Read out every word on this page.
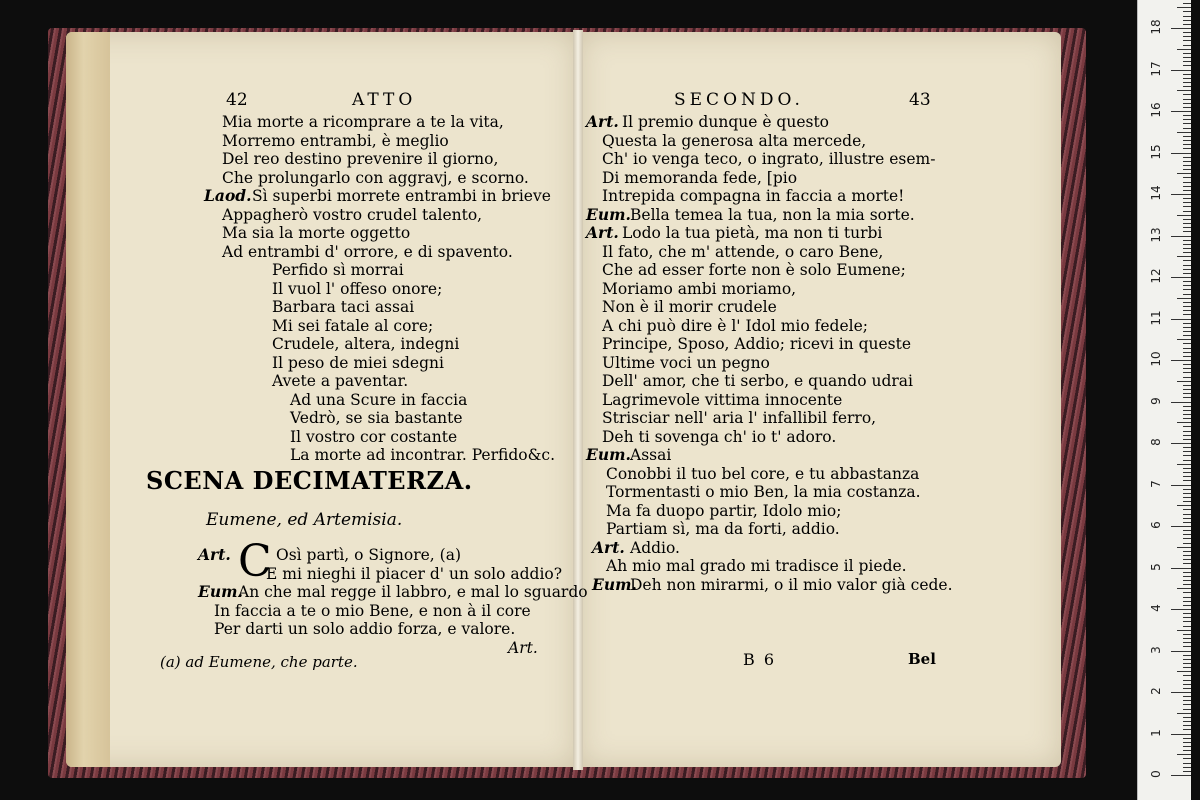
42	ATTO
Mia morte a ricomprare a te la vita,
Morremo entrambi, è meglio
Del reo destino prevenire il giorno,
Che prolungarlo con aggravj, e scorno.
Laod. Sì superbi morrete entrambi in brieve
Appagherò vostro crudel talento,
Ma sia la morte oggetto
Ad entrambi d' orrore, e di spavento.
Perfido sì morrai
Il vuol l' offeso onore;
Barbara taci assai
Mi sei fatale al core;
Crudele, altera, indegni
Il peso de miei sdegni
Avete a paventar.
Ad una Scure in faccia
Vedrò, se sia bastante
Il vostro cor costante
La morte ad incontrar. Perfido&c.
SCENA DECIMATERZA.
Eumene, ed Artemisia.
C
Art.	Osì partì, o Signore, (a)
E mi nieghi il piacer d' un solo addio?
Eum.
An che mal regge il labbro, e mal lo sguardo
In faccia a te o mio Bene, e non à il core
Per darti un solo addio forza, e valore.
Art.
(a) ad Eumene, che parte.
SECONDO.	43
Art. Il premio dunque è questo
Questa la generosa alta mercede,
Ch' io venga teco, o ingrato, illustre esem-
Di memoranda fede, [pio
Intrepida compagna in faccia a morte!
Eum. Bella temea la tua, non la mia sorte.
Art. Lodo la tua pietà, ma non ti turbi
Il fato, che m' attende, o caro Bene,
Che ad esser forte non è solo Eumene;
Moriamo ambi moriamo,
Non è il morir crudele
A chi può dire è l' Idol mio fedele;
Principe, Sposo, Addio; ricevi in queste
Ultime voci un pegno
Dell' amor, che ti serbo, e quando udrai
Lagrimevole vittima innocente
Strisciar nell' aria l' infallibil ferro,
Deh ti sovenga ch' io t' adoro.
Eum. Assai
Conobbi il tuo bel core, e tu abbastanza
Tormentasti o mio Ben, la mia costanza.
Ma fa duopo partir, Idolo mio;
Partiam sì, ma da forti, addio.
Art. Addio.
Ah mio mal grado mi tradisce il piede.
Eum.
Deh non mirarmi, o il mio valor già cede.
B 6	Bel
0
1
2
3
4
5
6
7
8
9
10
11
12
13
14
15
16
17
18
